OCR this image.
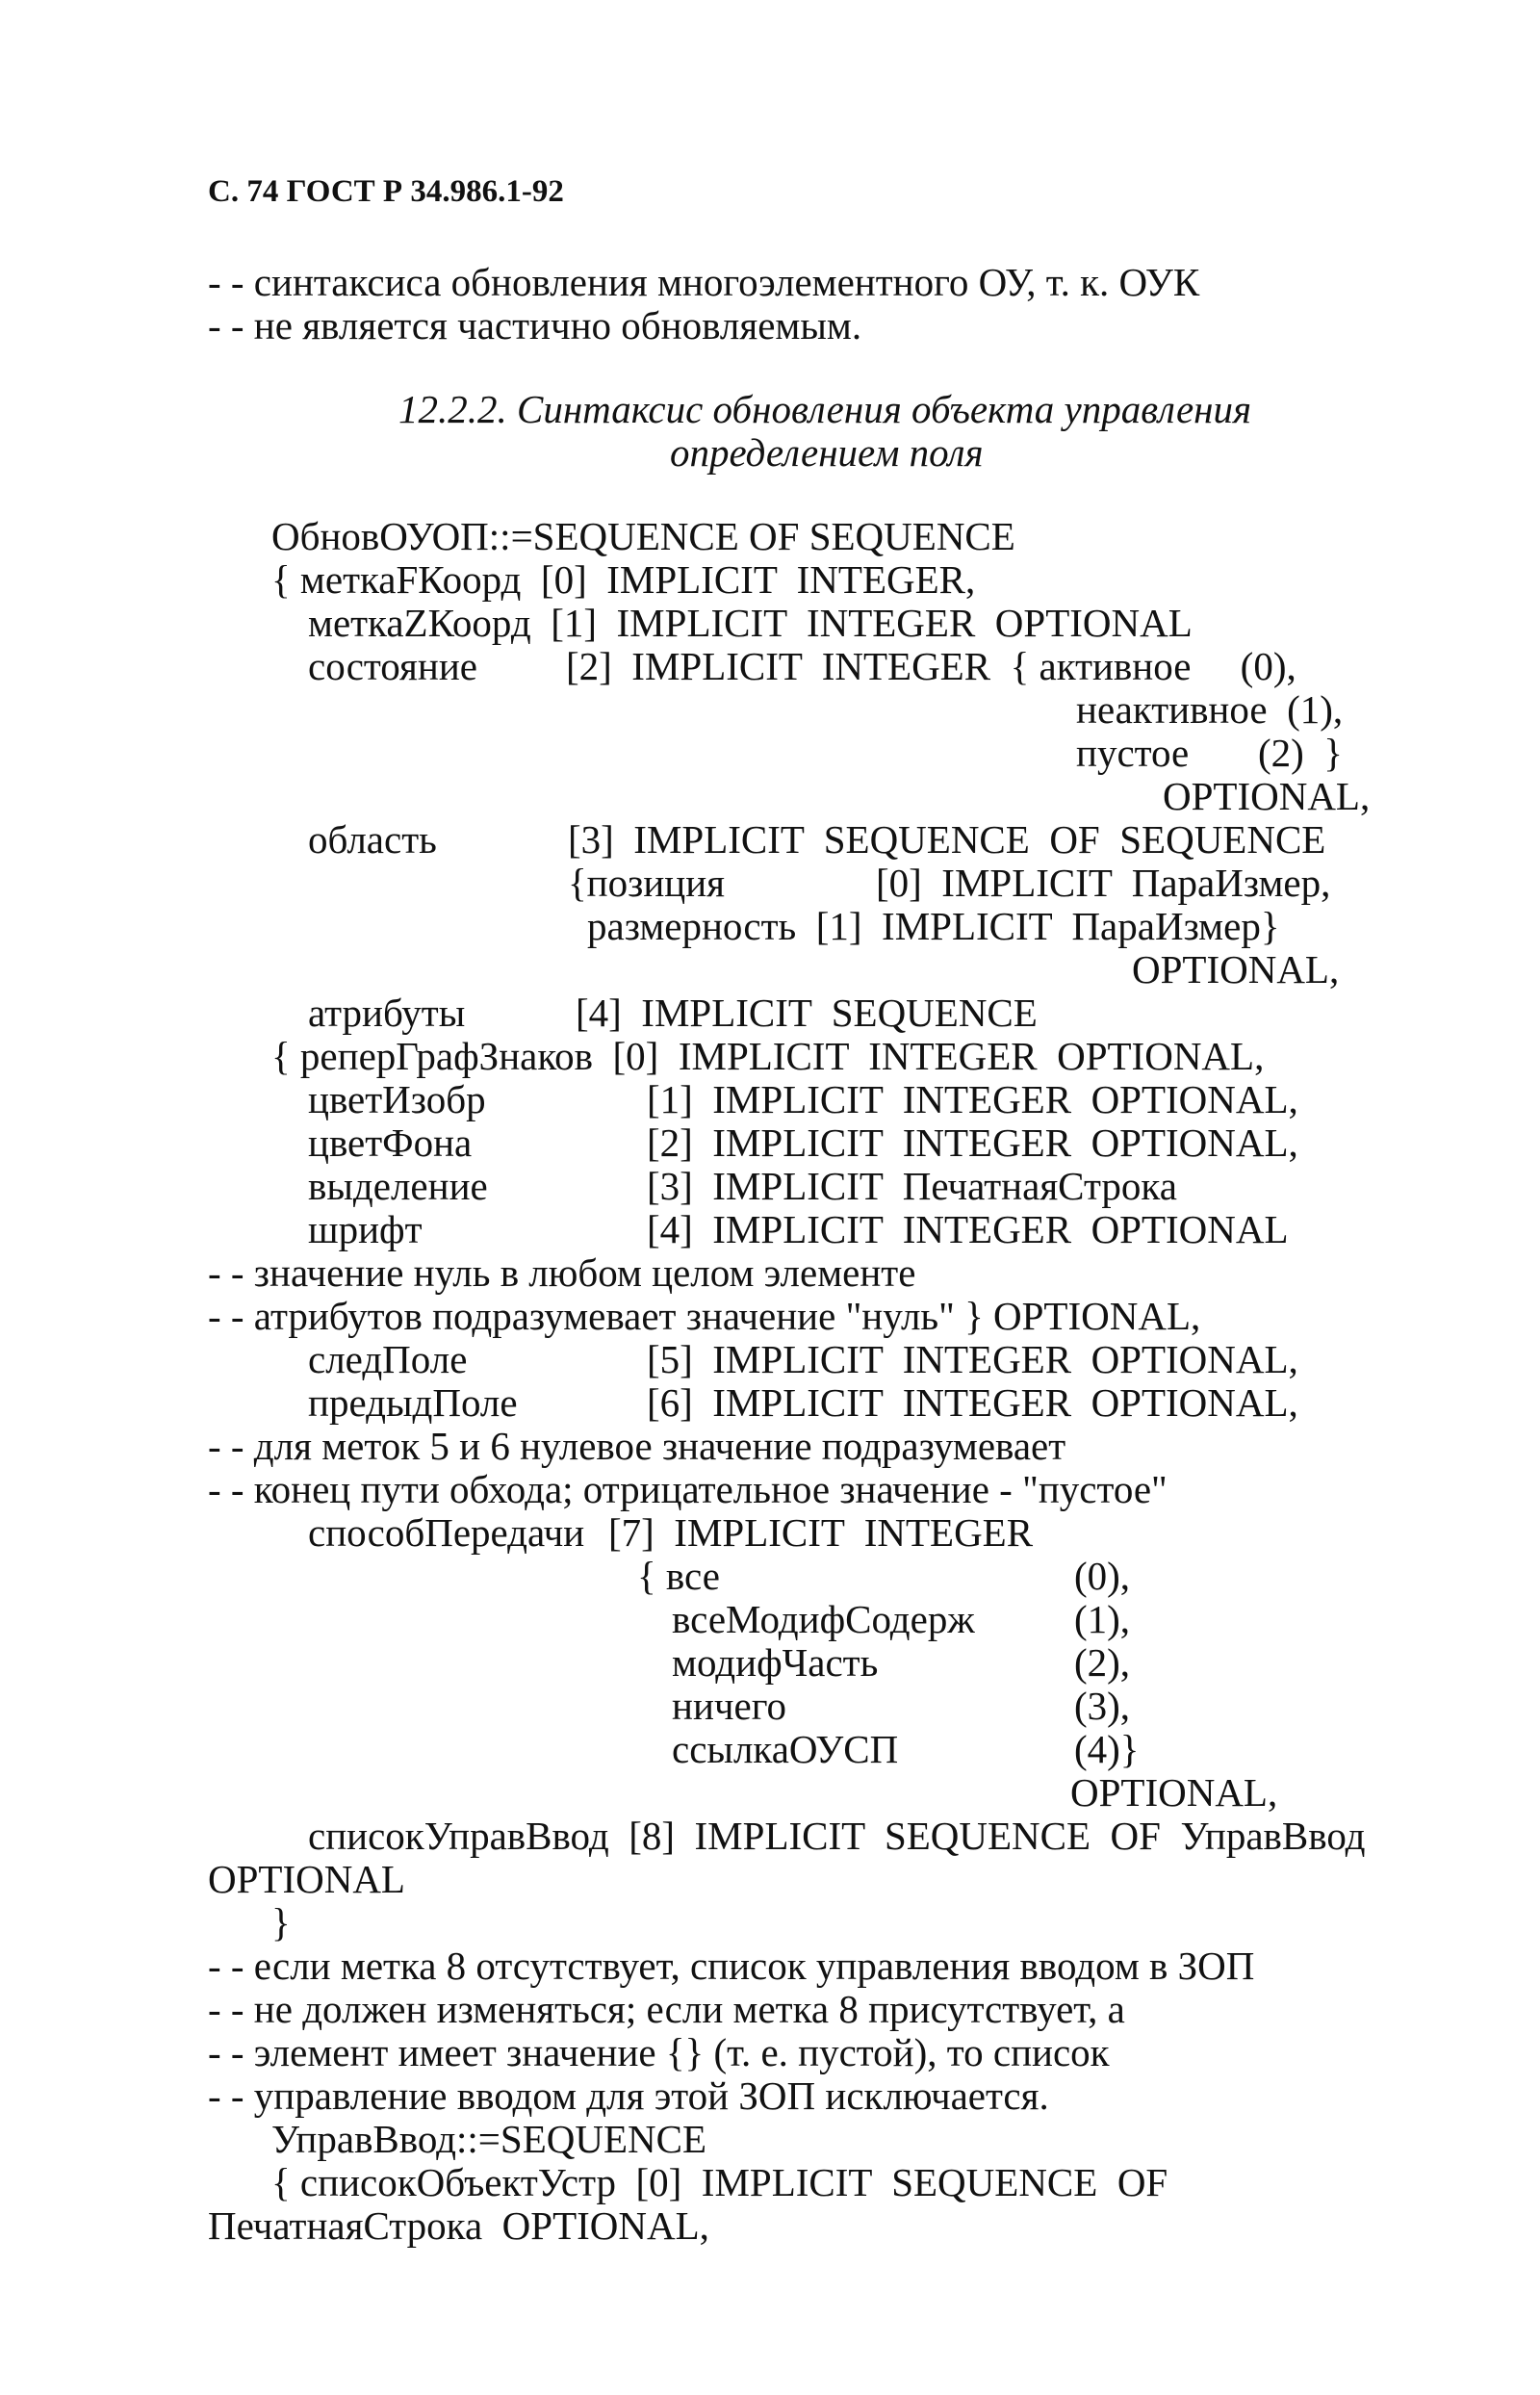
С. 74 ГОСТ Р 34.986.1-92
- - синтаксиса обновления многоэлементного ОУ, т. к. ОУК
- - не является частично обновляемым.
12.2.2. Синтаксис обновления объекта управления
определением поля
ОбновОУОП::=SEQUENCE OF SEQUENCE
{ меткаFКоорд  [0]  IMPLICIT  INTEGER,
меткаZКоорд  [1]  IMPLICIT  INTEGER  OPTIONAL
состояние [2]  IMPLICIT  INTEGER  { активное     (0),
неактивное  (1),
пустое       (2)  }
OPTIONAL,
область	[3]  IMPLICIT  SEQUENCE  OF  SEQUENCE
{позиция	[0]  IMPLICIT  ПараИзмер,
размерность  [1]  IMPLICIT  ПараИзмер}
OPTIONAL,
атрибуты	[4]  IMPLICIT  SEQUENCE
{ реперГрафЗнаков  [0]  IMPLICIT  INTEGER  OPTIONAL,
цветИзобр	[1]  IMPLICIT  INTEGER  OPTIONAL,
цветФона	[2]  IMPLICIT  INTEGER  OPTIONAL,
выделение	[3]  IMPLICIT  ПечатнаяСтрока
шрифт	[4]  IMPLICIT  INTEGER  OPTIONAL
- - значение нуль в любом целом элементе
- - атрибутов подразумевает значение "нуль" } OPTIONAL,
следПоле	[5]  IMPLICIT  INTEGER  OPTIONAL,
предыдПоле	[6]  IMPLICIT  INTEGER  OPTIONAL,
- - для меток 5 и 6 нулевое значение подразумевает
- - конец пути обхода; отрицательное значение - "пустое"
способПередачи [7]  IMPLICIT  INTEGER
{ все	(0),
всеМодифСодерж	(1),
модифЧасть	(2),
ничего	(3),
ссылкаОУСП	(4)}
OPTIONAL,
списокУправВвод  [8]  IMPLICIT  SEQUENCE  OF  УправВвод
OPTIONAL
}
- - если метка 8 отсутствует, список управления вводом в ЗОП
- - не должен изменяться; если метка 8 присутствует, а
- - элемент имеет значение {} (т. е. пустой), то список
- - управление вводом для этой ЗОП исключается.
УправВвод::=SEQUENCE
{ списокОбъектУстр  [0]  IMPLICIT  SEQUENCE  OF
ПечатнаяСтрока  OPTIONAL,
